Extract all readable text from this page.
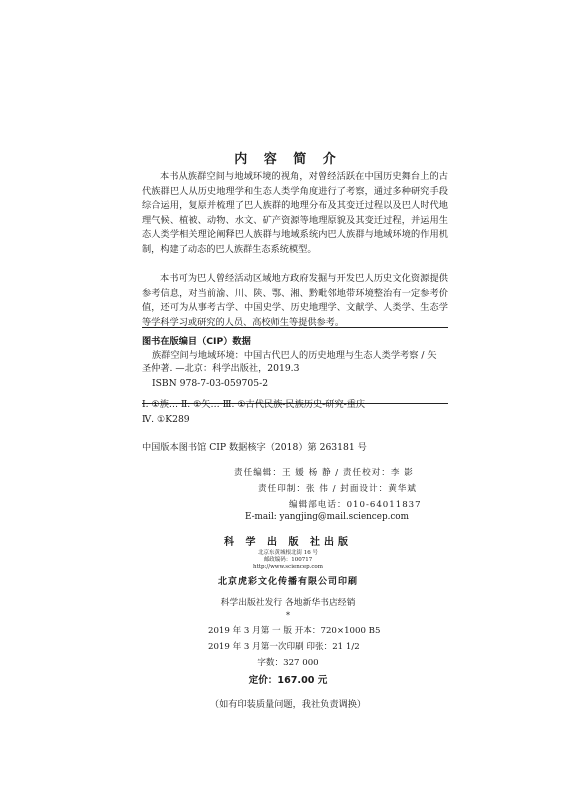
内 容 简 介

本书从族群空间与地域环境的视角，对曾经活跃在中国历史舞台上的古代族群巴人从历史地理学和生态人类学角度进行了考察，通过多种研究手段综合运用，复原并梳理了巴人族群的地理分布及其变迁过程以及巴人时代地理气候、植被、动物、水文、矿产资源等地理原貌及其变迁过程，并运用生态人类学相关理论阐释巴人族群与地域系统内巴人族群与地域环境的作用机制，构建了动态的巴人族群生态系统模型。

本书可为巴人曾经活动区域地方政府发掘与开发巴人历史文化资源提供参考信息，对当前渝、川、陕、鄂、湘、黔毗邻地带环境整治有一定参考价值，还可为从事考古学、中国史学、历史地理学、文献学、人类学、生态学等学科学习或研究的人员、高校师生等提供参考。

图书在版编目（CIP）数据
族群空间与地域环境：中国古代巴人的历史地理与生态人类学考察 / 矢
圣仲著. —北京：科学出版社，2019.3
ISBN 978-7-03-059705-2
Ⅰ. ①族… Ⅱ. ①矢… Ⅲ. ①古代民族-民族历史-研究-重庆
Ⅳ. ①K289
中国版本图书馆 CIP 数据核字（2018）第 263181 号
责任编辑：王 媛 杨 静 / 责任校对：李 影
责任印制：张 伟 / 封面设计：黄华斌
编辑部电话：010-64011837
E-mail: yangjing@mail.sciencep.com
科 学 出 版 社出版
北京东黄城根北街 16 号
邮政编码：100717
http://www.sciencep.com
北京虎彩文化传播有限公司印刷
科学出版社发行 各地新华书店经销
*
2019 年 3 月第 一 版 开本：720×1000 B5
2019 年 3 月第一次印刷 印张：21 1/2
字数：327 000
定价：167.00 元
（如有印装质量问题，我社负责调换）
